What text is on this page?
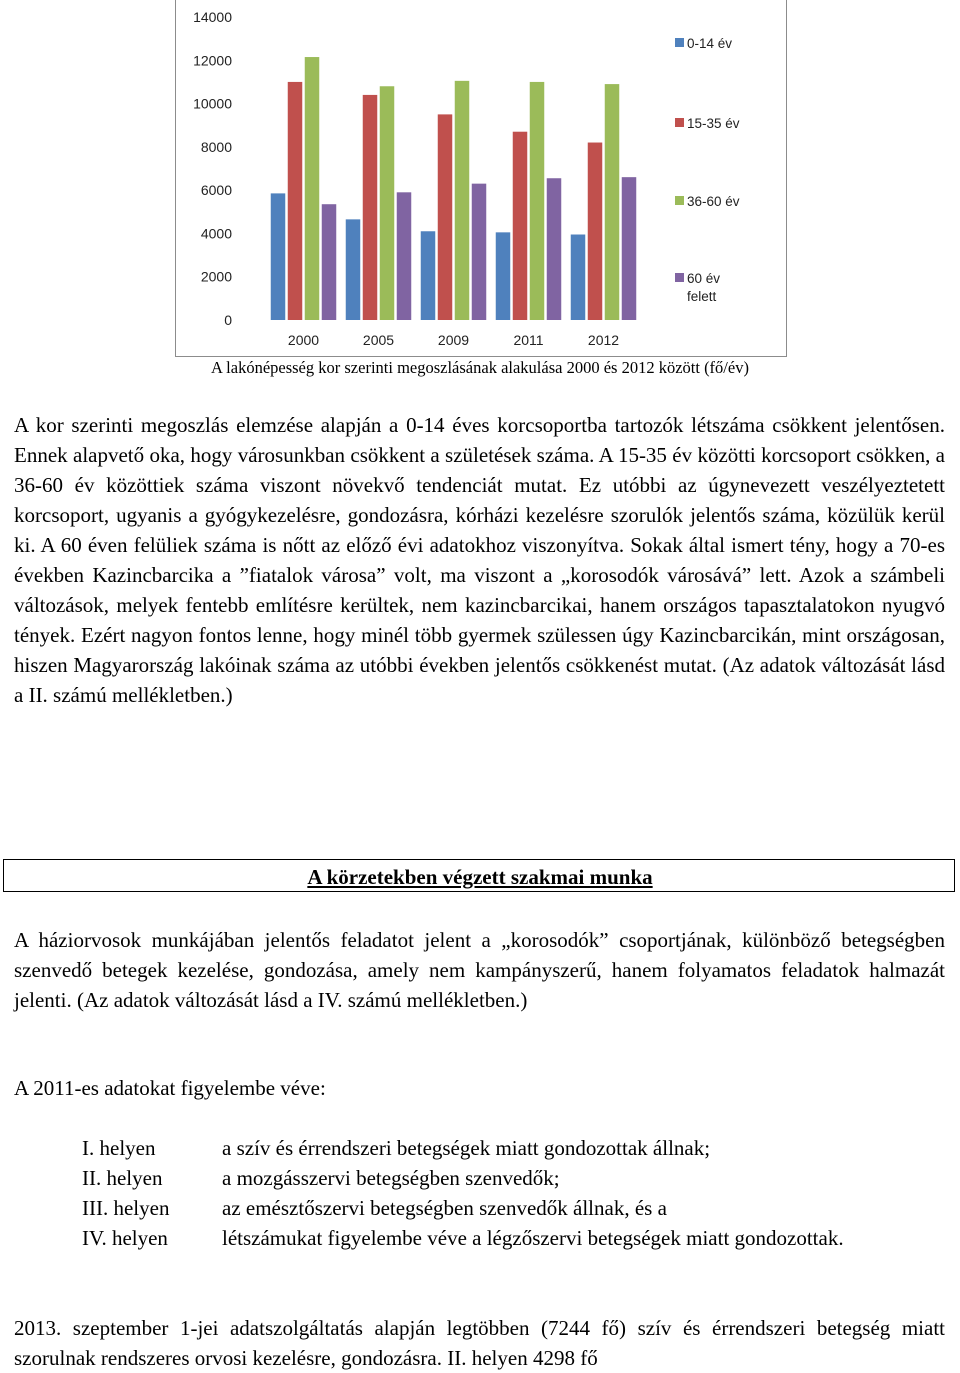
0
2000
4000
6000
8000
10000
12000
14000
2000	2005	2009	2011	2012
0-14 év
15-35 év
36-60 év
60 év
felett
A lakónépesség kor szerinti megoszlásának alakulása 2000 és 2012 között (fő/év)

A kor szerinti megoszlás elemzése alapján a 0-14 éves korcsoportba tartozók létszáma csökkent jelentősen. Ennek alapvető oka, hogy városunkban csökkent a születések száma. A 15-35 év közötti korcsoport csökken, a 36-60 év közöttiek száma viszont növekvő tendenciát mutat. Ez utóbbi az úgynevezett veszélyeztetett korcsoport, ugyanis a gyógykezelésre, gondozásra, kórházi kezelésre szorulók jelentős száma, közülük kerül ki. A 60 éven felüliek száma is nőtt az előző évi adatokhoz viszonyítva. Sokak által ismert tény, hogy a 70-es években Kazincbarcika a ”fiatalok városa” volt, ma viszont a „korosodók városává” lett. Azok a számbeli változások, melyek fentebb említésre kerültek, nem kazincbarcikai, hanem országos tapasztalatokon nyugvó tények. Ezért nagyon fontos lenne, hogy minél több gyermek szülessen úgy Kazincbarcikán, mint országosan, hiszen Magyarország lakóinak száma az utóbbi években jelentős csökkenést mutat. (Az adatok változását lásd a II. számú mellékletben.)

A körzetekben végzett szakmai munka

A háziorvosok munkájában jelentős feladatot jelent a „korosodók” csoportjának, különböző betegségben szenvedő betegek kezelése, gondozása, amely nem kampányszerű, hanem folyamatos feladatok halmazát jelenti. (Az adatok változását lásd a IV. számú mellékletben.)

A 2011-es adatokat figyelembe véve:

I. helyen	a szív és érrendszeri betegségek miatt gondozottak állnak;
II. helyen	a mozgásszervi betegségben szenvedők;
III. helyen	az emésztőszervi betegségben szenvedők állnak, és a
IV. helyen	létszámukat figyelembe véve a légzőszervi betegségek miatt gondozottak.

2013. szeptember 1-jei adatszolgáltatás alapján legtöbben (7244 fő) szív és érrendszeri betegség miatt szorulnak rendszeres orvosi kezelésre, gondozásra. II. helyen 4298 fő
